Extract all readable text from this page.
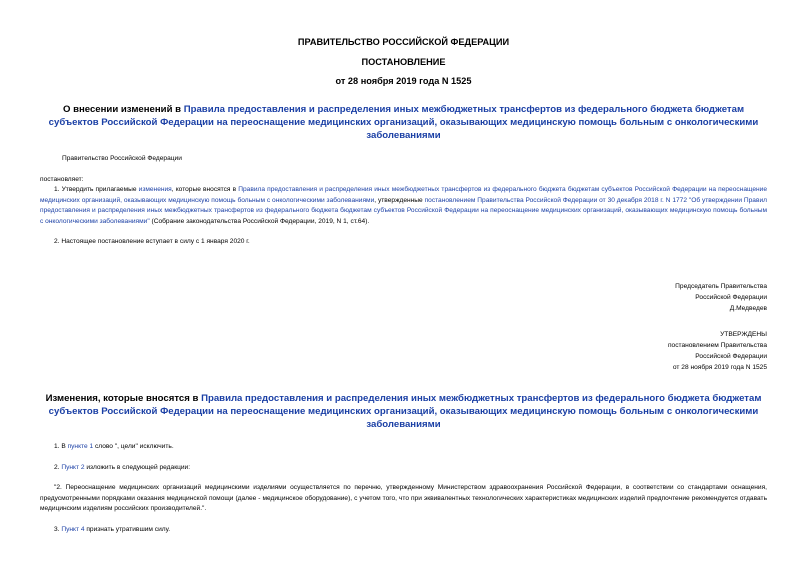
ПРАВИТЕЛЬСТВО РОССИЙСКОЙ ФЕДЕРАЦИИ
ПОСТАНОВЛЕНИЕ
от 28 ноября 2019 года N 1525
О внесении изменений в Правила предоставления и распределения иных межбюджетных трансфертов из федерального бюджета бюджетам субъектов Российской Федерации на переоснащение медицинских организаций, оказывающих медицинскую помощь больным с онкологическими заболеваниями
Правительство Российской Федерации
постановляет:
1. Утвердить прилагаемые изменения, которые вносятся в Правила предоставления и распределения иных межбюджетных трансфертов из федерального бюджета бюджетам субъектов Российской Федерации на переоснащение медицинских организаций, оказывающих медицинскую помощь больным с онкологическими заболеваниями, утвержденные постановлением Правительства Российской Федерации от 30 декабря 2018 г. N 1772 "Об утверждении Правил предоставления и распределения иных межбюджетных трансфертов из федерального бюджета бюджетам субъектов Российской Федерации на переоснащение медицинских организаций, оказывающих медицинскую помощь больным с онкологическими заболеваниями" (Собрание законодательства Российской Федерации, 2019, N 1, ст.64).
2. Настоящее постановление вступает в силу с 1 января 2020 г.
Председатель Правительства
Российской Федерации
Д.Медведев
УТВЕРЖДЕНЫ
постановлением Правительства
Российской Федерации
от 28 ноября 2019 года N 1525
Изменения, которые вносятся в Правила предоставления и распределения иных межбюджетных трансфертов из федерального бюджета бюджетам субъектов Российской Федерации на переоснащение медицинских организаций, оказывающих медицинскую помощь больным с онкологическими заболеваниями
1. В пункте 1 слово ", цели" исключить.
2. Пункт 2 изложить в следующей редакции:
"2. Переоснащение медицинских организаций медицинскими изделиями осуществляется по перечню, утвержденному Министерством здравоохранения Российской Федерации, в соответствии со стандартами оснащения, предусмотренными порядками оказания медицинской помощи (далее - медицинское оборудование), с учетом того, что при эквивалентных технологических характеристиках медицинских изделий предпочтение рекомендуется отдавать медицинским изделиям российских производителей.".
3. Пункт 4 признать утратившим силу.
